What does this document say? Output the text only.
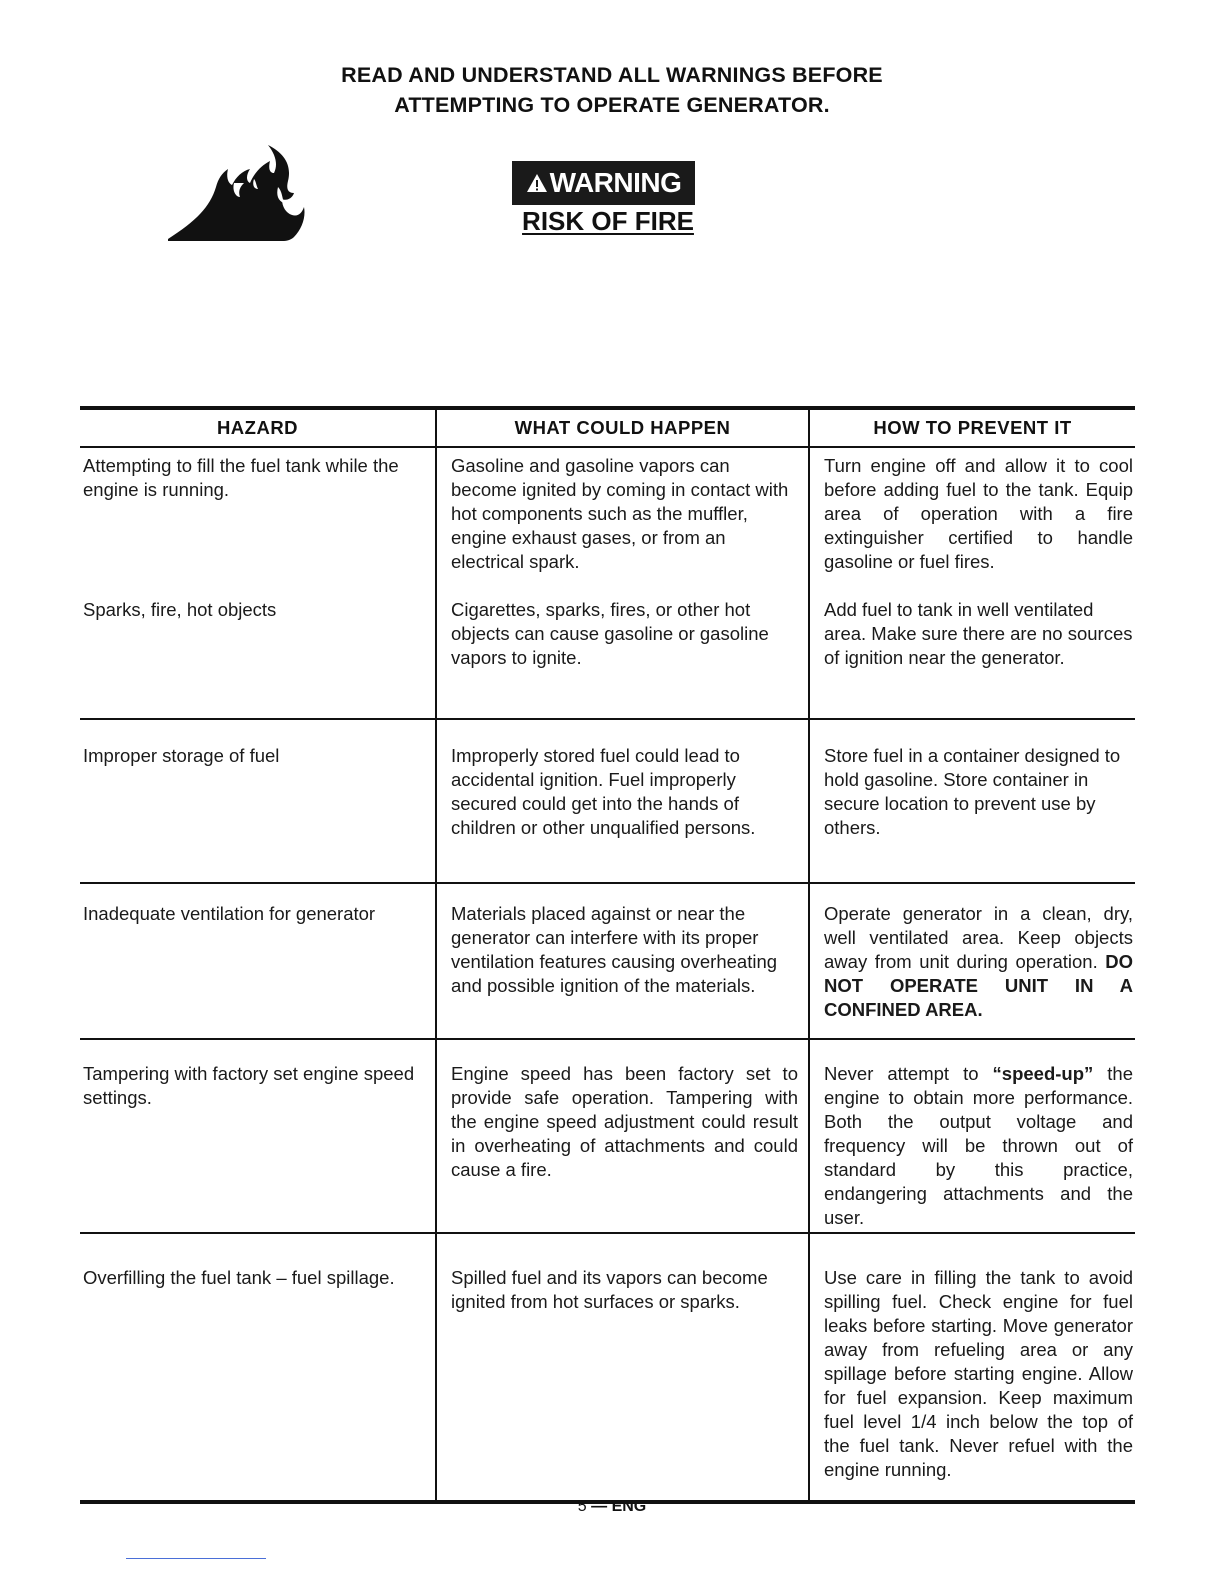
READ AND UNDERSTAND ALL WARNINGS BEFORE
ATTEMPTING TO OPERATE GENERATOR.
WARNING
RISK OF FIRE
HAZARD	WHAT COULD HAPPEN	HOW TO PREVENT IT
Attempting to fill the fuel tank while the engine is running.	Gasoline and gasoline vapors can become ignited by coming in contact with hot components such as the muffler, engine exhaust gases, or from an electrical spark.	Turn engine off and allow it to cool before adding fuel to the tank. Equip area of operation with a fire extinguisher certified to handle gasoline or fuel fires.
Sparks, fire, hot objects	Cigarettes, sparks, fires, or other hot objects can cause gasoline or gasoline vapors to ignite.	Add fuel to tank in well ventilated area. Make sure there are no sources of ignition near the generator.
Improper storage of fuel	Improperly stored fuel could lead to accidental ignition. Fuel improperly secured could get into the hands of children or other unqualified persons.	Store fuel in a container designed to hold gasoline. Store container in secure location to prevent use by others.
Inadequate ventilation for generator	Materials placed against or near the generator can interfere with its proper ventilation features causing overheating and possible ignition of the materials.	Operate generator in a clean, dry, well ventilated area. Keep objects away from unit during operation. DO NOT OPERATE UNIT IN A CONFINED AREA.
Tampering with factory set engine speed settings.	Engine speed has been factory set to provide safe operation. Tampering with the engine speed adjustment could result in overheating of attachments and could cause a fire.	Never attempt to “speed-up” the engine to obtain more performance. Both the output voltage and frequency will be thrown out of standard by this practice, endangering attachments and the user.
Overfilling the fuel tank – fuel spillage.	Spilled fuel and its vapors can become ignited from hot surfaces or sparks.	Use care in filling the tank to avoid spilling fuel. Check engine for fuel leaks before starting. Move generator away from refueling area or any spillage before starting engine. Allow for fuel expansion. Keep maximum fuel level 1/4 inch below the top of the fuel tank. Never refuel with the engine running.
5 — ENG
